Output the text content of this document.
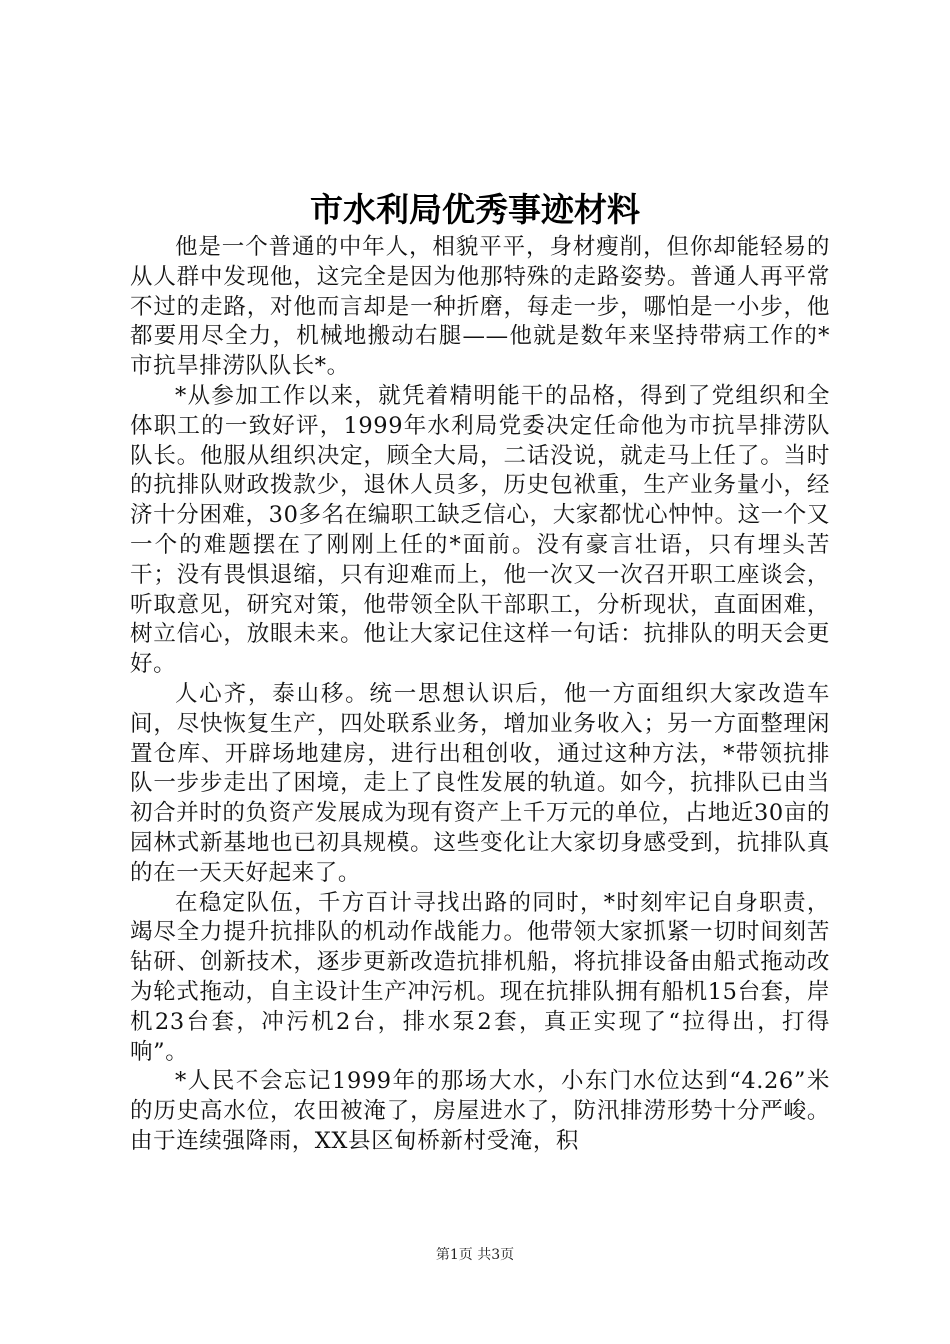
市水利局优秀事迹材料

他是一个普通的中年人，相貌平平，身材瘦削，但你却能轻易的从人群中发现他，这完全是因为他那特殊的走路姿势。普通人再平常不过的走路，对他而言却是一种折磨，每走一步，哪怕是一小步，他都要用尽全力，机械地搬动右腿——他就是数年来坚持带病工作的*市抗旱排涝队队长*。

*从参加工作以来，就凭着精明能干的品格，得到了党组织和全体职工的一致好评，1999年水利局党委决定任命他为市抗旱排涝队队长。他服从组织决定，顾全大局，二话没说，就走马上任了。当时的抗排队财政拨款少，退休人员多，历史包袱重，生产业务量小，经济十分困难，30多名在编职工缺乏信心，大家都忧心忡忡。这一个又一个的难题摆在了刚刚上任的*面前。没有豪言壮语，只有埋头苦干；没有畏惧退缩，只有迎难而上，他一次又一次召开职工座谈会，听取意见，研究对策，他带领全队干部职工，分析现状，直面困难，树立信心，放眼未来。他让大家记住这样一句话：抗排队的明天会更好。

人心齐，泰山移。统一思想认识后，他一方面组织大家改造车间，尽快恢复生产，四处联系业务，增加业务收入；另一方面整理闲置仓库、开辟场地建房，进行出租创收，通过这种方法，*带领抗排队一步步走出了困境，走上了良性发展的轨道。如今，抗排队已由当初合并时的负资产发展成为现有资产上千万元的单位，占地近30亩的园林式新基地也已初具规模。这些变化让大家切身感受到，抗排队真的在一天天好起来了。

在稳定队伍，千方百计寻找出路的同时，*时刻牢记自身职责，竭尽全力提升抗排队的机动作战能力。他带领大家抓紧一切时间刻苦钻研、创新技术，逐步更新改造抗排机船，将抗排设备由船式拖动改为轮式拖动，自主设计生产冲污机。现在抗排队拥有船机15台套，岸机23台套，冲污机2台，排水泵2套，真正实现了“拉得出，打得响”。

*人民不会忘记1999年的那场大水，小东门水位达到“4.26”米的历史高水位，农田被淹了，房屋进水了，防汛排涝形势十分严峻。由于连续强降雨，XX县区甸桥新村受淹，积

第1页 共3页
